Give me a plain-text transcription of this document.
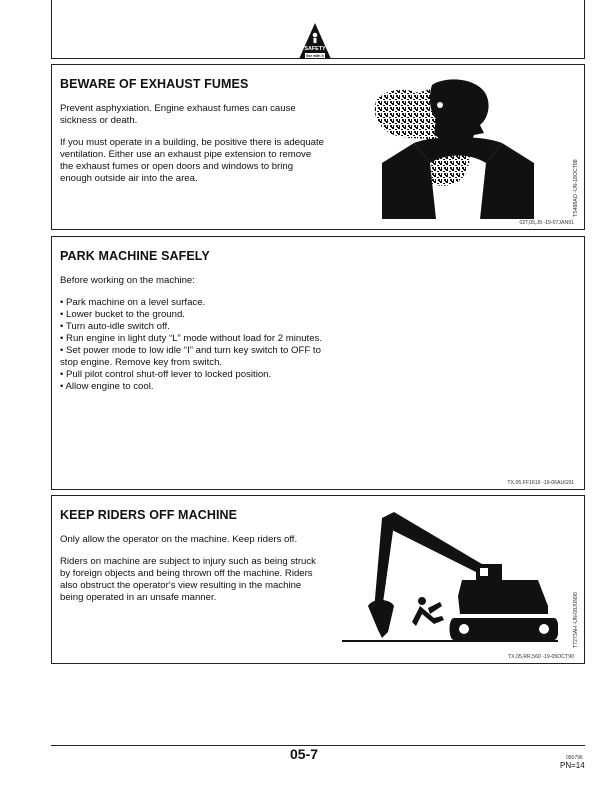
SAFETY
live with it
BEWARE OF EXHAUST FUMES

Prevent asphyxiation. Engine exhaust fumes can cause sickness or death.

If you must operate in a building, be positive there is adequate ventilation. Either use an exhaust pipe extension to remove the exhaust fumes or open doors and windows to bring enough outside air into the area.	TS488AO -UN-18OCT88
02T,05,J9 -19-07JAN91
PARK MACHINE SAFELY

Before working on the machine:

• Park machine on a level surface.
• Lower bucket to the ground.
• Turn auto-idle switch off.
• Run engine in light duty “L” mode without load for 2 minutes.
• Set power mode to low idle “I” and turn key switch to OFF to stop engine. Remove key from switch.
• Pull pilot control shut-off lever to locked position.
• Allow engine to cool.
TX,05,FF1619 -19-06AUG91
KEEP RIDERS OFF MACHINE

Only allow the operator on the machine. Keep riders off.

Riders on machine are subject to injury such as being struck by foreign objects and being thrown off the machine. Riders also obstruct the operator's view resulting in the machine being operated in an unsafe manner.	T7273AH -UN-08JUN90
TX,05,RR,560 -19-05OCT90
05-7	050796
PN=14
